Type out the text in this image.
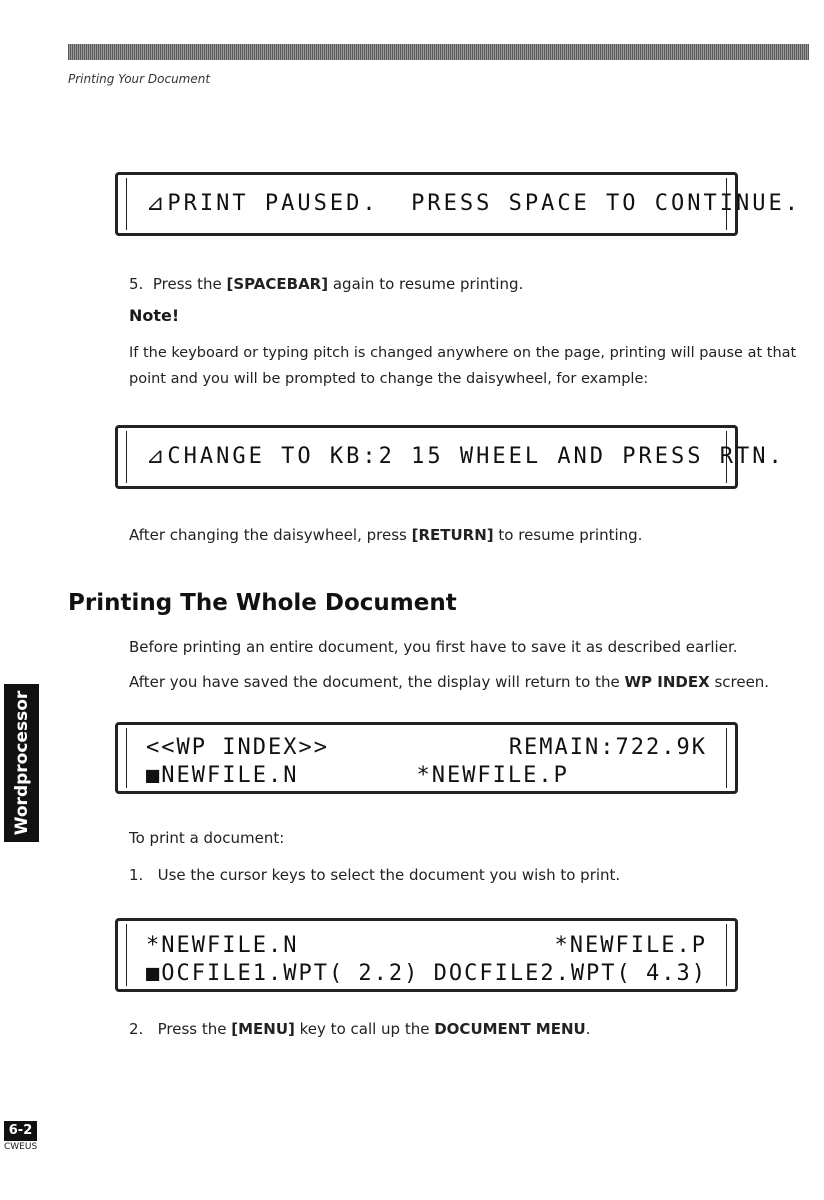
Printing Your Document
⊿PRINT PAUSED.  PRESS SPACE TO CONTINUE.
5. Press the [SPACEBAR] again to resume printing.
Note!
If the keyboard or typing pitch is changed anywhere on the page, printing will pause at that
point and you will be prompted to change the daisywheel, for example:
⊿CHANGE TO KB:2 15 WHEEL AND PRESS RTN.
After changing the daisywheel, press [RETURN] to resume printing.
Printing The Whole Document
Before printing an entire document, you first have to save it as described earlier.
After you have saved the document, the display will return to the WP INDEX screen.
<<WP INDEX>>	REMAIN:722.9K
■NEWFILE.N	*NEWFILE.P
To print a document:
1. Use the cursor keys to select the document you wish to print.
*NEWFILE.N	*NEWFILE.P
■OCFILE1.WPT( 2.2) DOCFILE2.WPT( 4.3)
2. Press the [MENU] key to call up the DOCUMENT MENU.
Wordprocessor
6-2
CWEUS
